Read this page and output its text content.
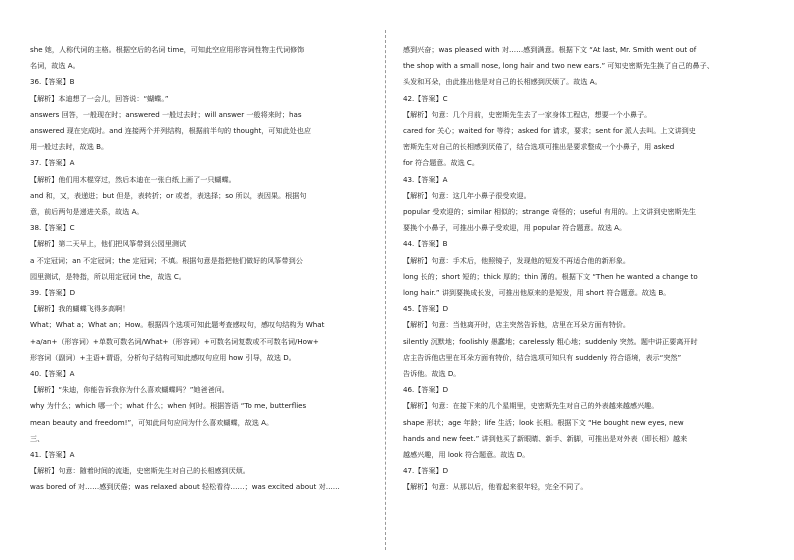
she 她，人称代词的主格。根据空后的名词 time，可知此空应用形容词性物主代词修饰

名词，故选 A。

36.【答案】B

【解析】本迪想了一会儿，回答说：“蝴蝶。”

answers 回答，一般现在时；answered 一般过去时；will answer 一般将来时；has

answered 现在完成时。and 连接两个并列结构，根据前半句的 thought，可知此处也应

用一般过去时，故选 B。

37.【答案】A

【解析】他们用木棍穿过，然后本迪在一张白纸上画了一只蝴蝶。

and 和，又，表递进；but 但是，表转折；or 或者，表选择；so 所以，表因果。根据句

意，前后两句是递进关系，故选 A。

38.【答案】C

【解析】第二天早上，他们把风筝带到公园里测试

a 不定冠词；an 不定冠词；the 定冠词；不填。根据句意是指把他们做好的风筝带到公

园里测试，是特指，所以用定冠词 the，故选 C。

39.【答案】D

【解析】我的蝴蝶飞得多高啊！

What；What a；What an；How。根据四个选项可知此题考查感叹句，感叹句结构为 What

+a/an+（形容词）+单数可数名词/What+（形容词）+可数名词复数或不可数名词/How+

形容词（副词）+主语+谓语，分析句子结构可知此感叹句应用 how 引导，故选 D。

40.【答案】A

【解析】“朱迪，你能告诉我你为什么喜欢蝴蝶吗？”她爸爸问。

why 为什么；which 哪一个；what 什么；when 何时。根据答语 “To me, butterflies

mean beauty and freedom!”，可知此问句应问为什么喜欢蝴蝶，故选 A。

三、

41.【答案】A

【解析】句意：随着时间的流逝，史密斯先生对自己的长相感到厌烦。

was bored of 对……感到厌倦；was relaxed about 轻松看待……；was excited about 对……

感到兴奋；was pleased with 对……感到满意。根据下文 “At last, Mr. Smith went out of

the shop with a small nose, long hair and two new ears.” 可知史密斯先生换了自己的鼻子、

头发和耳朵，由此推出他是对自己的长相感到厌烦了。故选 A。

42.【答案】C

【解析】句意：几个月前，史密斯先生去了一家身体工程店，想要一个小鼻子。

cared for 关心；waited for 等待；asked for 请求，要求；sent for 派人去叫。上文讲到史

密斯先生对自己的长相感到厌倦了，结合选项可推出是要求整成一个小鼻子，用 asked

for 符合题意。故选 C。

43.【答案】A

【解析】句意：这几年小鼻子很受欢迎。

popular 受欢迎的；similar 相似的；strange 奇怪的；useful 有用的。上文讲到史密斯先生

要换个小鼻子，可推出小鼻子受欢迎，用 popular 符合题意。故选 A。

44.【答案】B

【解析】句意：手术后，他照镜子，发现他的短发不再适合他的新形象。

long 长的；short 短的；thick 厚的；thin 薄的。根据下文 “Then he wanted a change to

long hair.” 讲到要换成长发，可推出他原来的是短发，用 short 符合题意。故选 B。

45.【答案】D

【解析】句意：当他离开时，店主突然告诉他，店里在耳朵方面有特价。

silently 沉默地；foolishly 愚蠢地；carelessly 粗心地；suddenly 突然。题中讲正要离开时

店主告诉他店里在耳朵方面有特价，结合选项可知只有 suddenly 符合语境，表示“突然”

告诉他。故选 D。

46.【答案】D

【解析】句意：在接下来的几个星期里，史密斯先生对自己的外表越来越感兴趣。

shape 形状；age 年龄；life 生活；look 长相。根据下文 “He bought new eyes, new

hands and new feet.” 讲到他买了新眼睛、新手、新脚，可推出是对外表（即长相）越来

越感兴趣，用 look 符合题意。故选 D。

47.【答案】D

【解析】句意：从那以后，他看起来很年轻，完全不同了。
